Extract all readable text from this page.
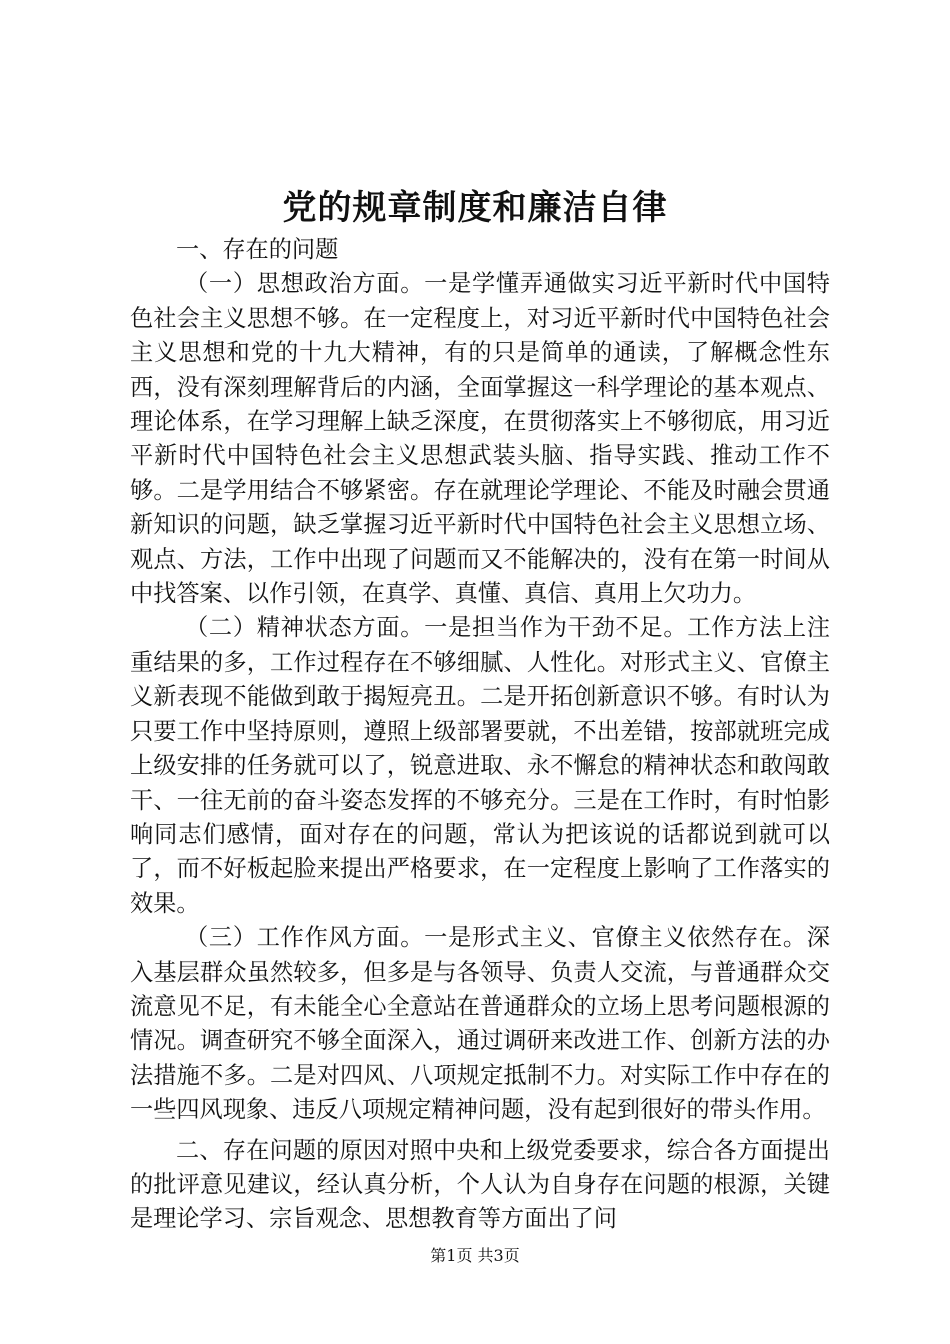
党的规章制度和廉洁自律

一、存在的问题

（一）思想政治方面。一是学懂弄通做实习近平新时代中国特色社会主义思想不够。在一定程度上，对习近平新时代中国特色社会主义思想和党的十九大精神，有的只是简单的通读，了解概念性东西，没有深刻理解背后的内涵，全面掌握这一科学理论的基本观点、理论体系，在学习理解上缺乏深度，在贯彻落实上不够彻底，用习近平新时代中国特色社会主义思想武装头脑、指导实践、推动工作不够。二是学用结合不够紧密。存在就理论学理论、不能及时融会贯通新知识的问题，缺乏掌握习近平新时代中国特色社会主义思想立场、观点、方法，工作中出现了问题而又不能解决的，没有在第一时间从中找答案、以作引领，在真学、真懂、真信、真用上欠功力。

（二）精神状态方面。一是担当作为干劲不足。工作方法上注重结果的多，工作过程存在不够细腻、人性化。对形式主义、官僚主义新表现不能做到敢于揭短亮丑。二是开拓创新意识不够。有时认为只要工作中坚持原则，遵照上级部署要就，不出差错，按部就班完成上级安排的任务就可以了，锐意进取、永不懈怠的精神状态和敢闯敢干、一往无前的奋斗姿态发挥的不够充分。三是在工作时，有时怕影响同志们感情，面对存在的问题，常认为把该说的话都说到就可以了，而不好板起脸来提出严格要求，在一定程度上影响了工作落实的效果。

（三）工作作风方面。一是形式主义、官僚主义依然存在。深入基层群众虽然较多，但多是与各领导、负责人交流，与普通群众交流意见不足，有未能全心全意站在普通群众的立场上思考问题根源的情况。调查研究不够全面深入，通过调研来改进工作、创新方法的办法措施不多。二是对四风、八项规定抵制不力。对实际工作中存在的一些四风现象、违反八项规定精神问题，没有起到很好的带头作用。

二、存在问题的原因对照中央和上级党委要求，综合各方面提出的批评意见建议，经认真分析，个人认为自身存在问题的根源，关键是理论学习、宗旨观念、思想教育等方面出了问

第1页 共3页
